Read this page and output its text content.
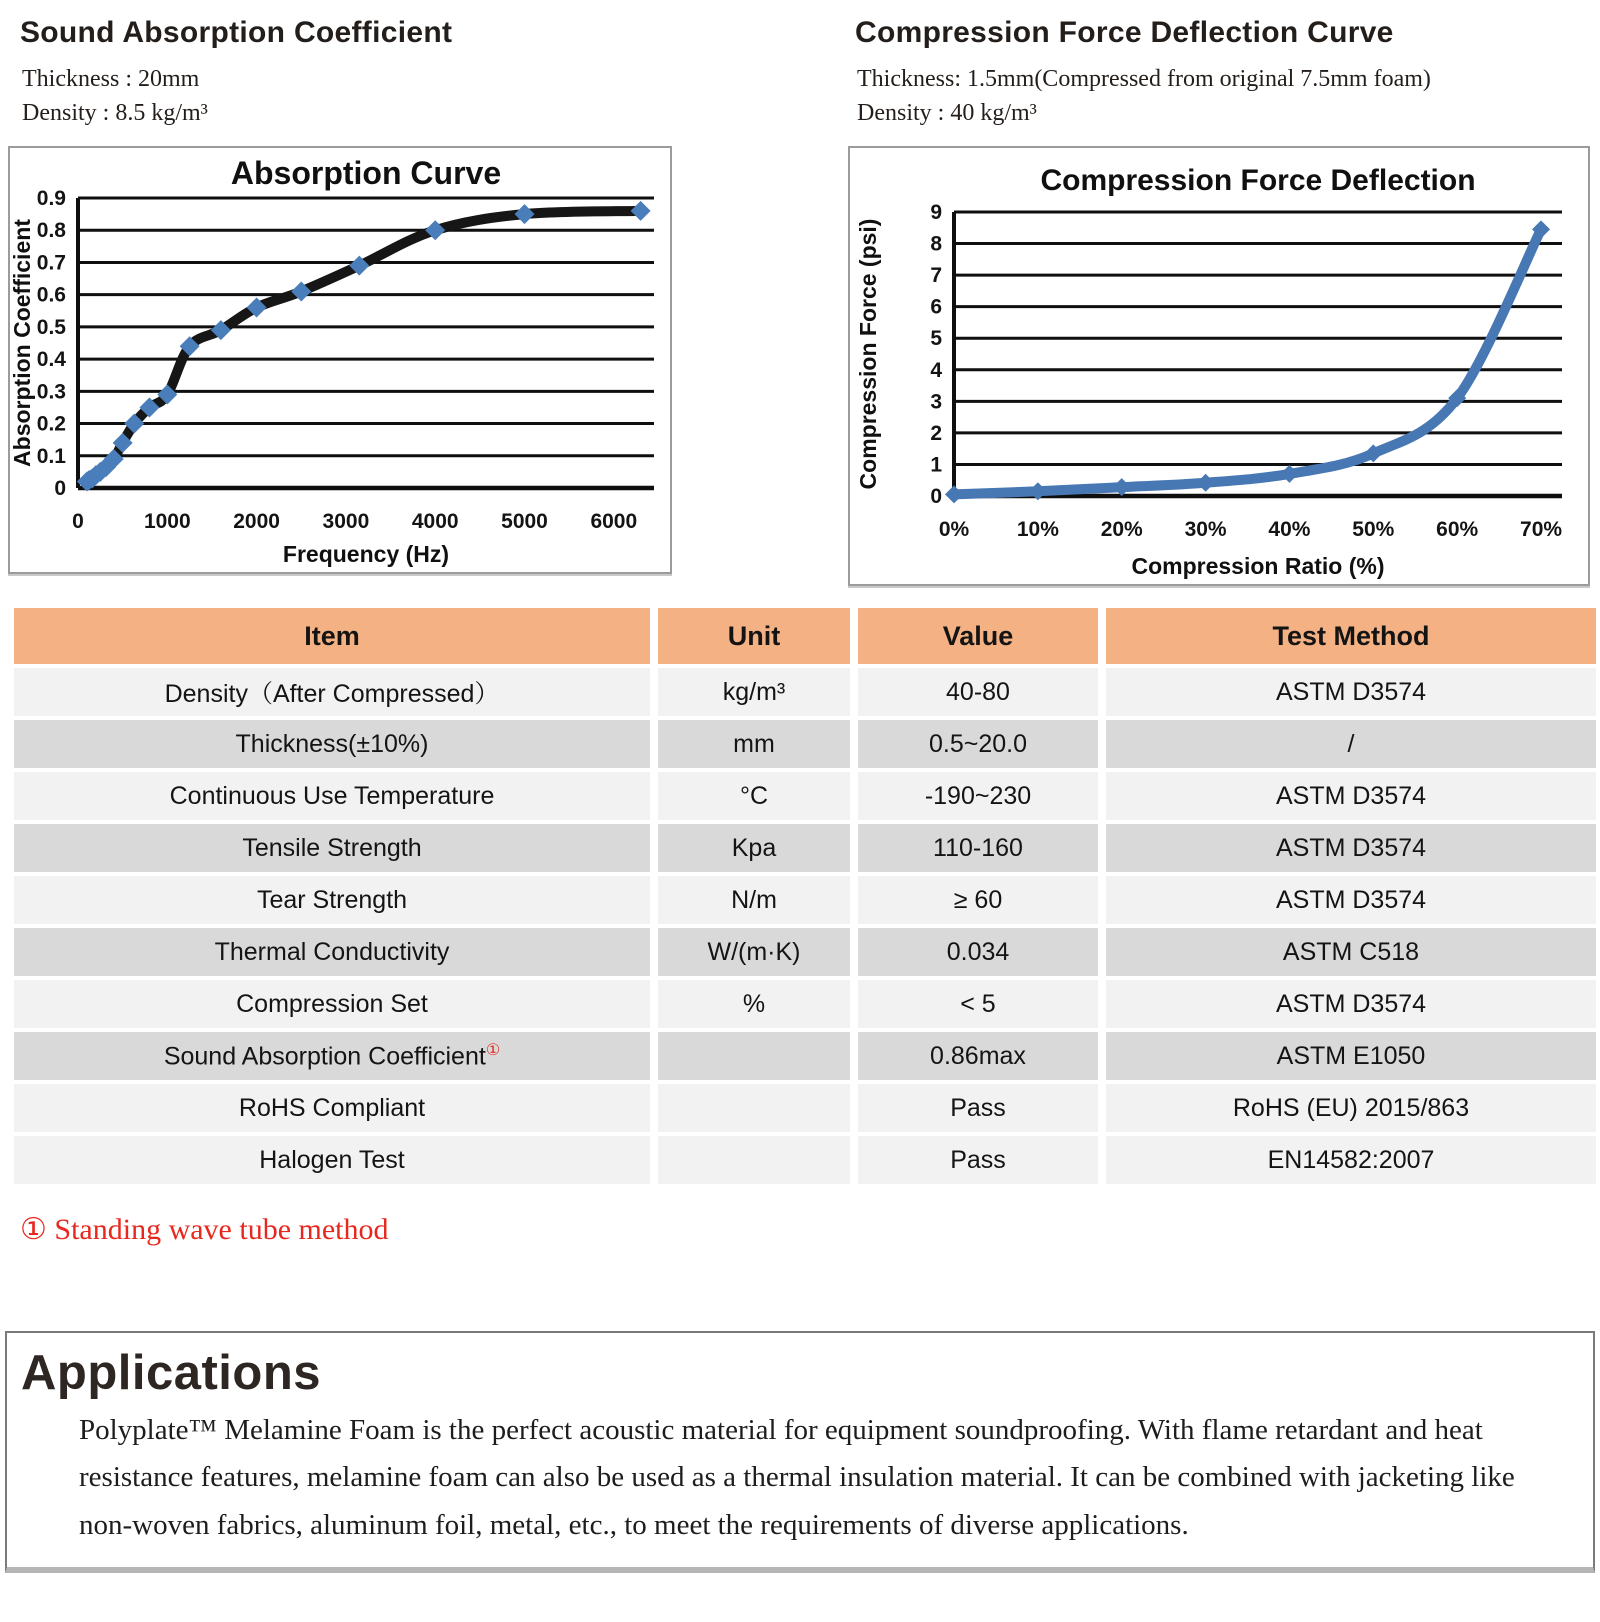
Sound Absorption Coefficient

Thickness : 20mm
Density : 8.5 kg/m³

0
0.1
0.2
0.3
0.4
0.5
0.6
0.7
0.8
0.9
0	1000 2000 3000 4000 5000 6000
Absorption Curve
Frequency (Hz)
Absorption Coefficient
Compression Force Deflection Curve

Thickness: 1.5mm(Compressed from original 7.5mm foam)
Density : 40 kg/m³

0
1
2
3
4
5
6
7
8
9
0% 10% 20% 30% 40% 50% 60% 70%
Compression Force Deflection
Compression Ratio (%)
Compression Force (psi)
Item	Unit	Value	Test Method
Density（After Compressed）	kg/m³	40-80	ASTM D3574
Thickness(±10%)	mm	0.5~20.0	/
Continuous Use Temperature	°C	-190~230	ASTM D3574
Tensile Strength	Kpa	110-160	ASTM D3574
Tear Strength	N/m	≥ 60	ASTM D3574
Thermal Conductivity	W/(m·K)	0.034	ASTM C518
Compression Set	%	< 5	ASTM D3574
Sound Absorption Coefficient①		0.86max	ASTM E1050
RoHS Compliant		Pass	RoHS (EU) 2015/863
Halogen Test		Pass	EN14582:2007

① Standing wave tube method

Applications

Polyplate™ Melamine Foam is the perfect acoustic material for equipment soundproofing. With flame retardant and heat resistance features, melamine foam can also be used as a thermal insulation material. It can be combined with jacketing like non-woven fabrics, aluminum foil, metal, etc., to meet the requirements of diverse applications.
